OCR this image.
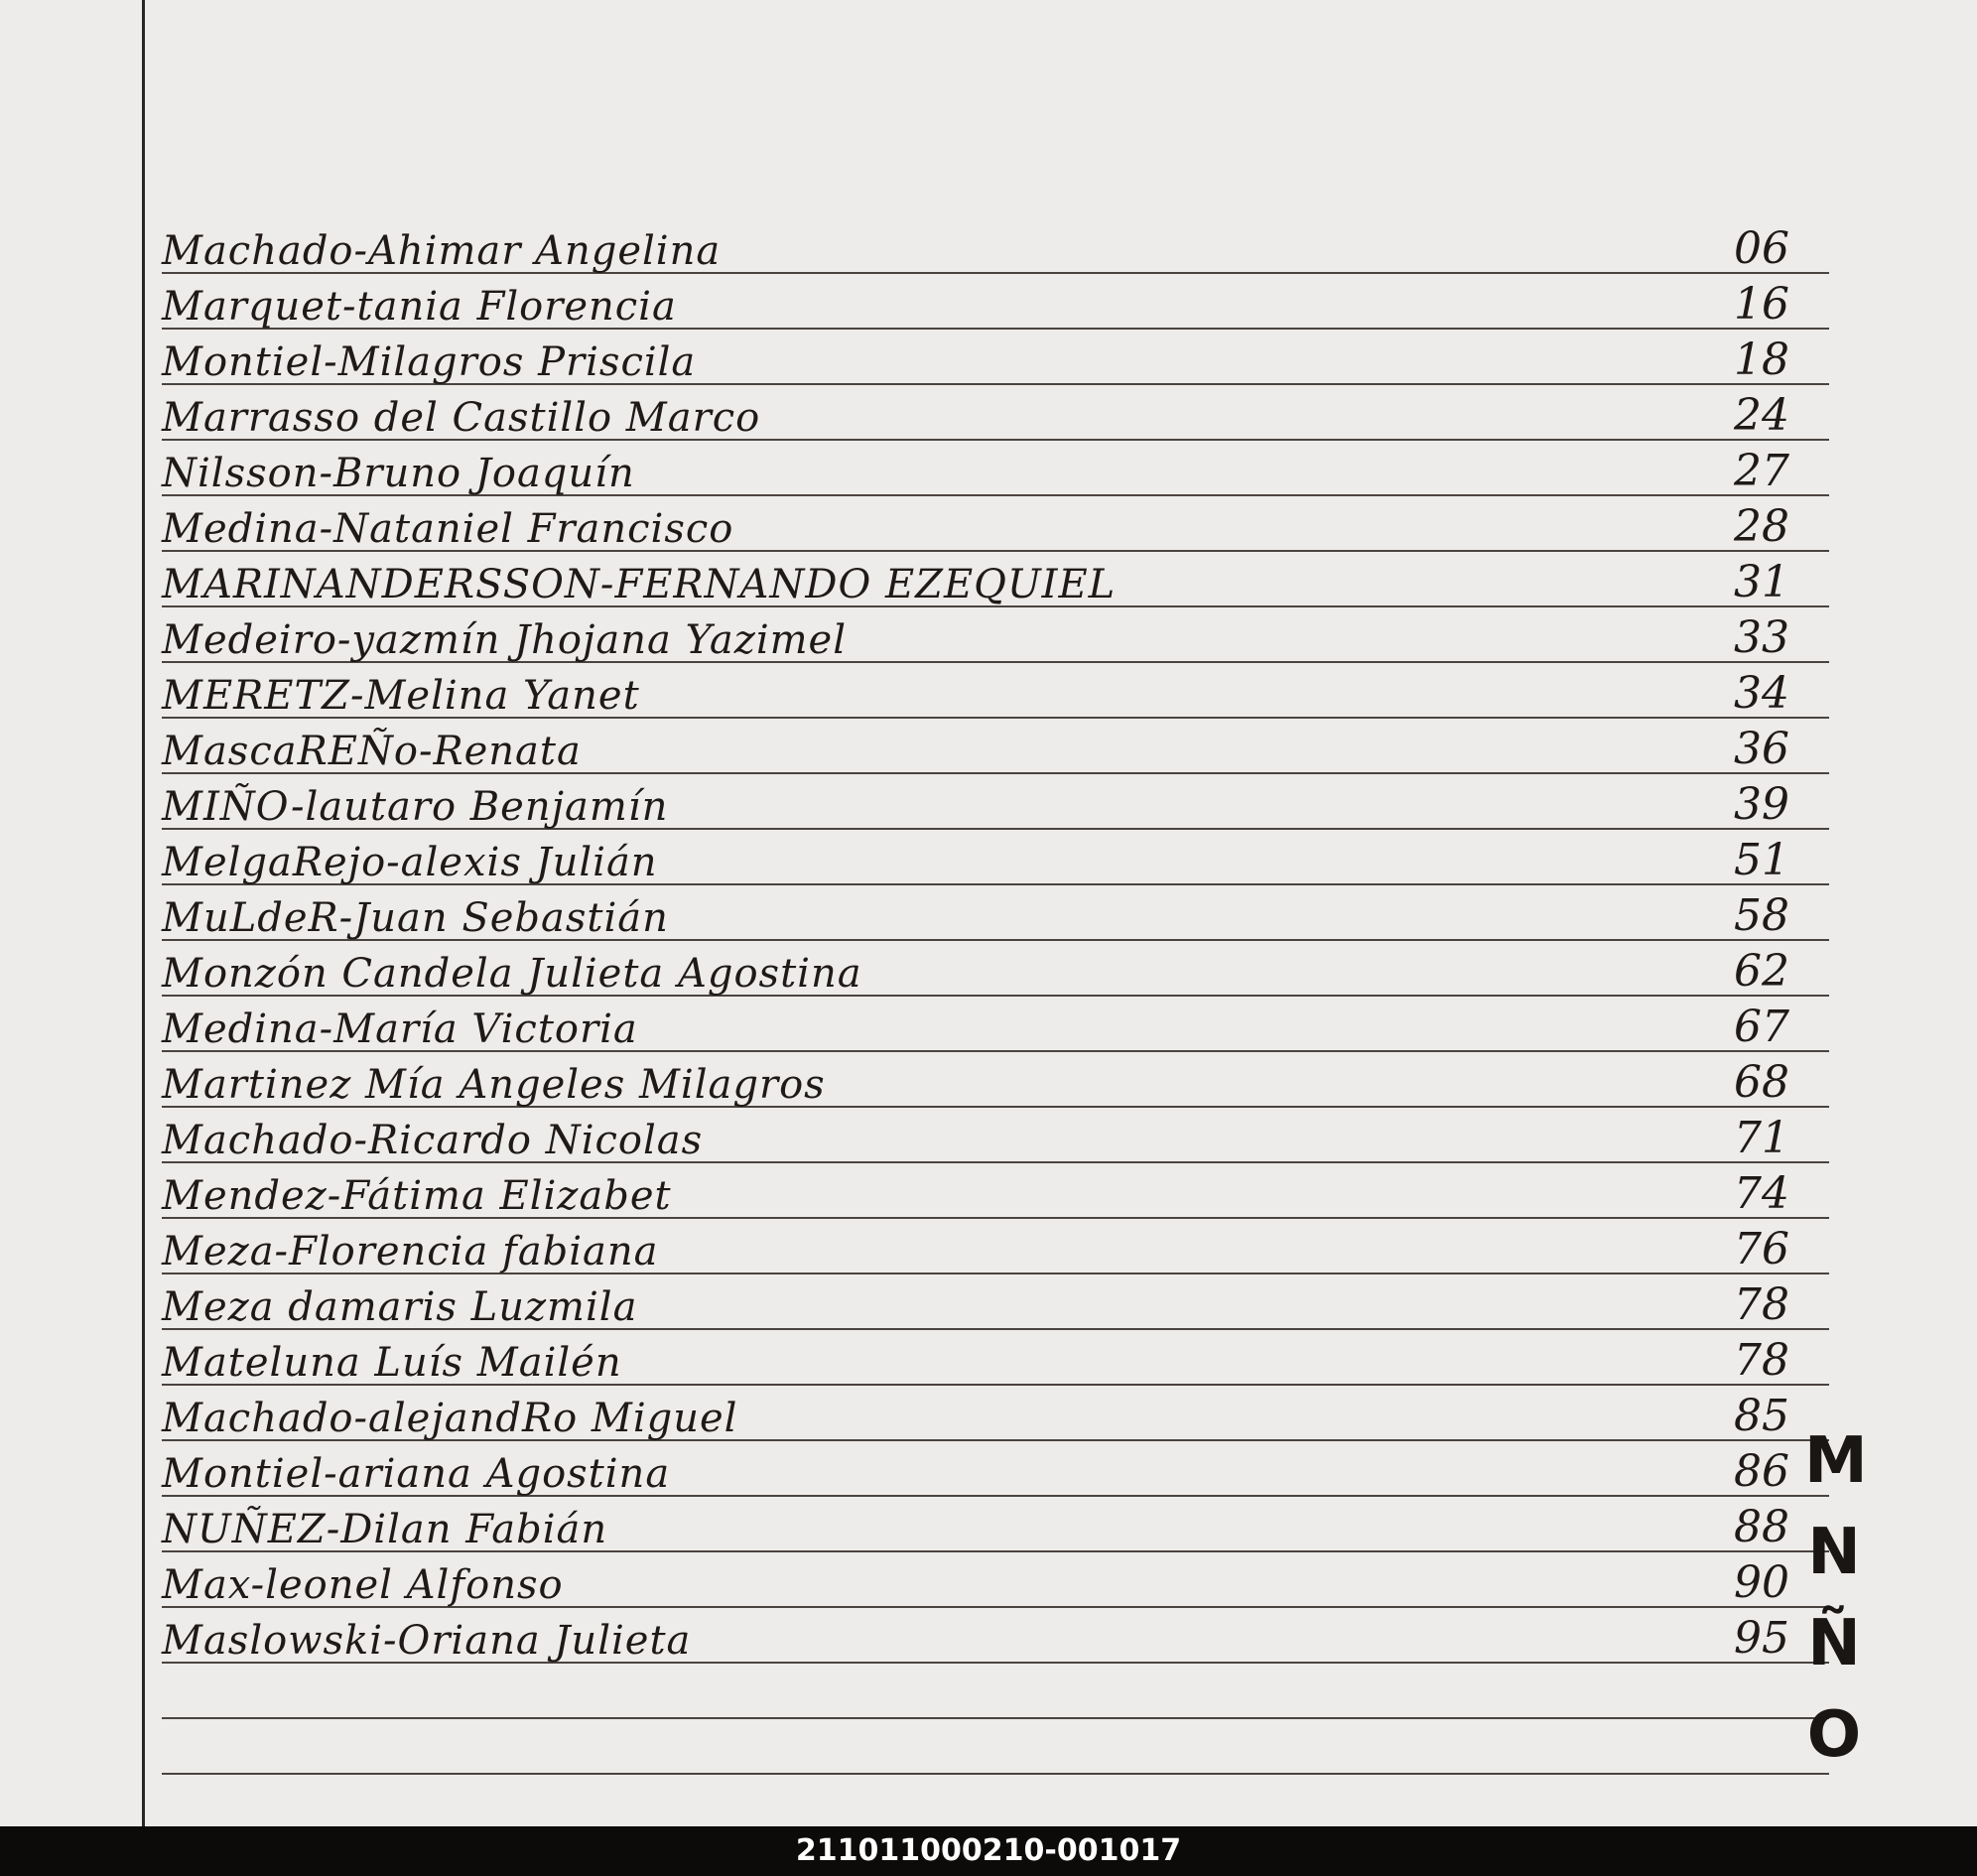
Machado-Ahimar Angelina	06
Marquet-tania Florencia	16
Montiel-Milagros Priscila	18
Marrasso del Castillo Marco	24
Nilsson-Bruno Joaquín	27
Medina-Nataniel Francisco	28
MARINANDERSSON-FERNANDO EZEQUIEL	31
Medeiro-yazmín Jhojana Yazimel	33
MERETZ-Melina Yanet	34
MascaREÑo-Renata	36
MIÑO-lautaro Benjamín	39
MelgaRejo-alexis Julián	51
MuLdeR-Juan Sebastián	58
Monzón Candela Julieta Agostina	62
Medina-María Victoria	67
Martinez Mía Angeles Milagros	68
Machado-Ricardo Nicolas	71
Mendez-Fátima Elizabet	74
Meza-Florencia fabiana	76
Meza damaris Luzmila	78
Mateluna Luís Mailén	78
Machado-alejandRo Miguel	85
Montiel-ariana Agostina	86
NUÑEZ-Dilan Fabián	88
Max-leonel Alfonso	90
Maslowski-Oriana Julieta	95
M
N
Ñ
O
211011000210-001017
